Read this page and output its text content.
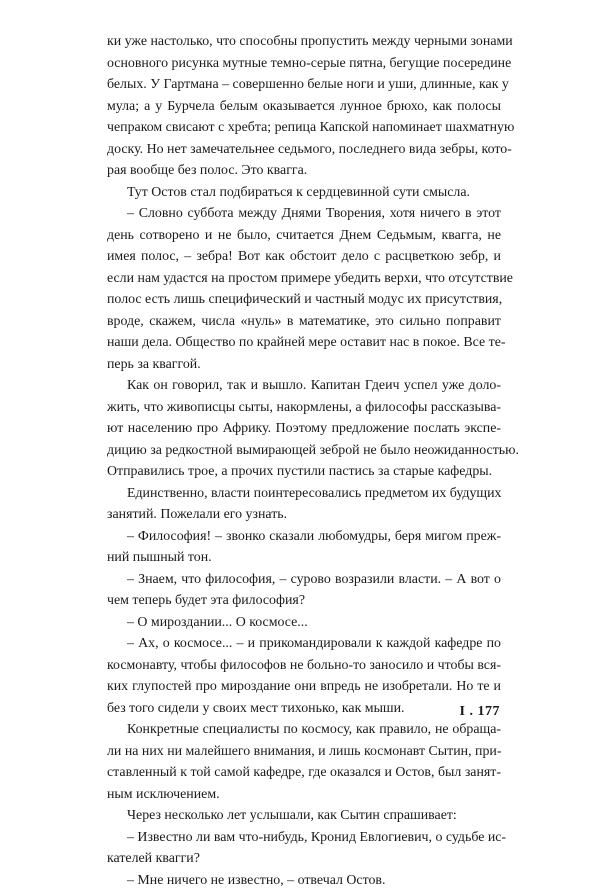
ки уже настолько, что способны пропустить между черными зонами
основного рисунка мутные темно-серые пятна, бегущие посередине
белых. У Гартмана – совершенно белые ноги и уши, длинные, как у
мула; а у Бурчела белым оказывается лунное брюхо, как полосы
чепраком свисают с хребта; репица Капской напоминает шахматную
доску. Но нет замечательнее седьмого, последнего вида зебры, кото-
рая вообще без полос. Это квагга.
Тут Остов стал подбираться к сердцевинной сути смысла.
– Словно суббота между Днями Творения, хотя ничего в этот
день сотворено и не было, считается Днем Седьмым, квагга, не
имея полос, – зебра! Вот как обстоит дело с расцветкою зебр, и
если нам удастся на простом примере убедить верхи, что отсутствие
полос есть лишь специфический и частный модус их присутствия,
вроде, скажем, числа «нуль» в математике, это сильно поправит
наши дела. Общество по крайней мере оставит нас в покое. Все те-
перь за кваггой.
Как он говорил, так и вышло. Капитан Гдеич успел уже доло-
жить, что живописцы сыты, накормлены, а философы рассказыва-
ют населению про Африку. Поэтому предложение послать экспе-
дицию за редкостной вымирающей зеброй не было неожиданностью.
Отправились трое, а прочих пустили пастись за старые кафедры.
Единственно, власти поинтересовались предметом их будущих
занятий. Пожелали его узнать.
– Философия! – звонко сказали любомудры, беря мигом преж-
ний пышный тон.
– Знаем, что философия, – сурово возразили власти. – А вот о
чем теперь будет эта философия?
– О мироздании... О космосе...
– Ах, о космосе... – и прикомандировали к каждой кафедре по
космонавту, чтобы философов не больно-то заносило и чтобы вся-
ких глупостей про мироздание они впредь не изобретали. Но те и
без того сидели у своих мест тихонько, как мыши.
Конкретные специалисты по космосу, как правило, не обраща-
ли на них ни малейшего внимания, и лишь космонавт Сытин, при-
ставленный к той самой кафедре, где оказался и Остов, был занят-
ным исключением.
Через несколько лет услышали, как Сытин спрашивает:
– Известно ли вам что-нибудь, Кронид Евлогиевич, о судьбе ис-
кателей квагги?
– Мне ничего не известно, – отвечал Остов.
I . 177
